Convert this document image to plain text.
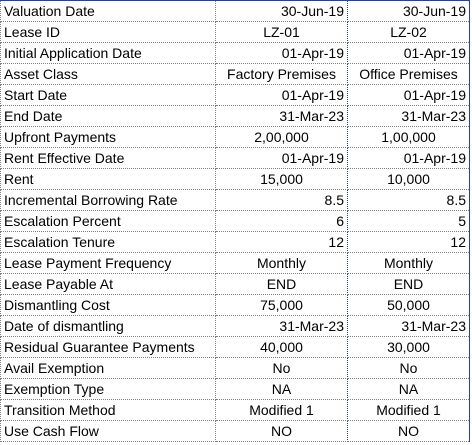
Valuation Date	30-Jun-19	30-Jun-19
Lease ID	LZ-01	LZ-02
Initial Application Date	01-Apr-19	01-Apr-19
Asset Class	Factory Premises	Office Premises
Start Date	01-Apr-19	01-Apr-19
End Date	31-Mar-23	31-Mar-23
Upfront Payments	2,00,000	1,00,000
Rent Effective Date	01-Apr-19	01-Apr-19
Rent	15,000	10,000
Incremental Borrowing Rate	8.5	8.5
Escalation Percent	6	5
Escalation Tenure	12	12
Lease Payment Frequency	Monthly	Monthly
Lease Payable At	END	END
Dismantling Cost	75,000	50,000
Date of dismantling	31-Mar-23	31-Mar-23
Residual Guarantee Payments	40,000	30,000
Avail Exemption	No	No
Exemption Type	NA	NA
Transition Method	Modified 1	Modified 1
Use Cash Flow	NO	NO
